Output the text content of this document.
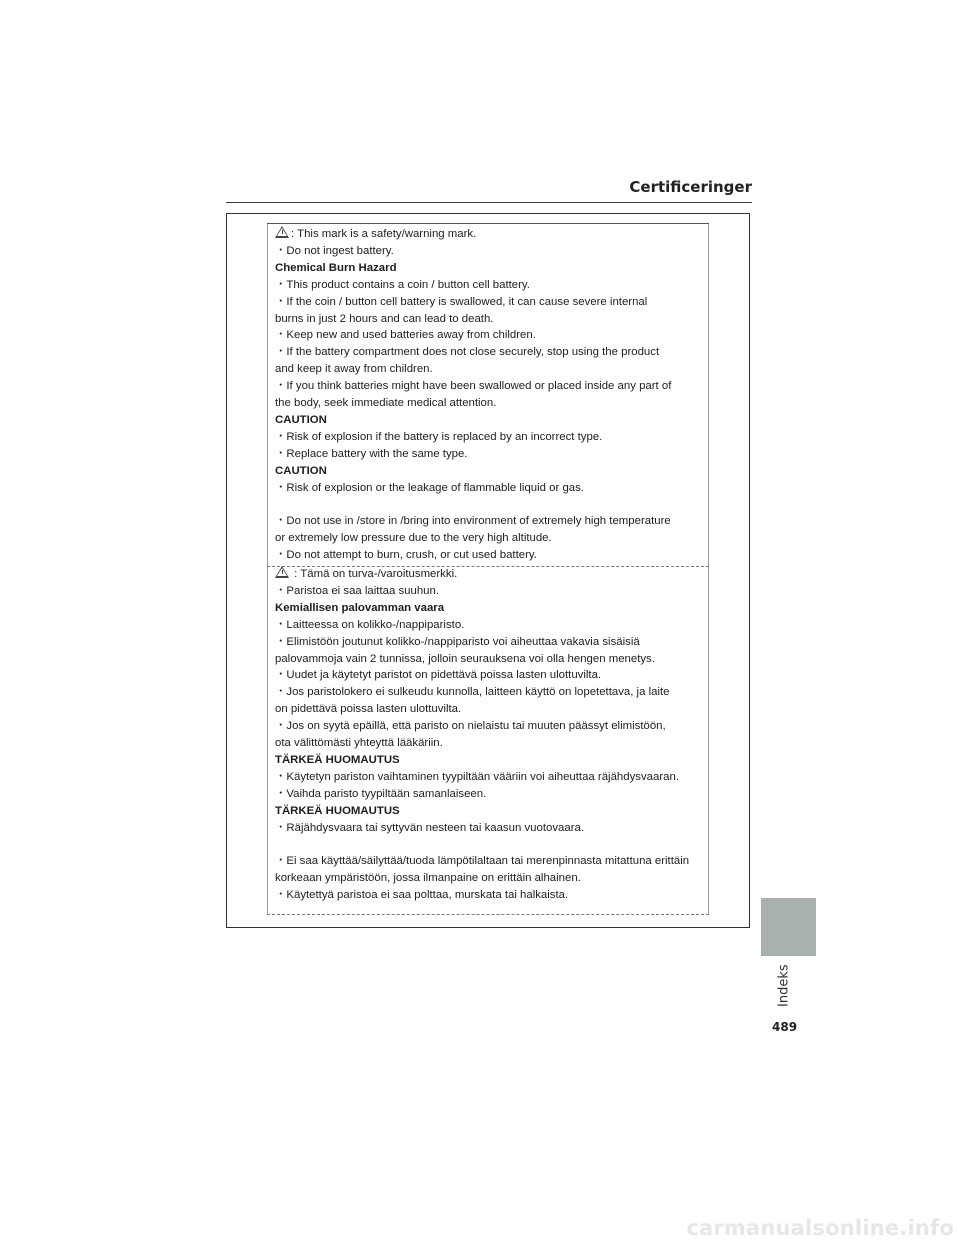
Certificeringer
: This mark is a safety/warning mark.
・Do not ingest battery.
Chemical Burn Hazard
・This product contains a coin / button cell battery.
・If the coin / button cell battery is swallowed, it can cause severe internal
burns in just 2 hours and can lead to death.
・Keep new and used batteries away from children.
・If the battery compartment does not close securely, stop using the product
and keep it away from children.
・If you think batteries might have been swallowed or placed inside any part of
the body, seek immediate medical attention.
CAUTION
・Risk of explosion if the battery is replaced by an incorrect type.
・Replace battery with the same type.
CAUTION
・Risk of explosion or the leakage of flammable liquid or gas.
・Do not use in /store in /bring into environment of extremely high temperature
or extremely low pressure due to the very high altitude.
・Do not attempt to burn, crush, or cut used battery.
: Tämä on turva-/varoitusmerkki.
・Paristoa ei saa laittaa suuhun.
Kemiallisen palovamman vaara
・Laitteessa on kolikko-/nappiparisto.
・Elimistöön joutunut kolikko-/nappiparisto voi aiheuttaa vakavia sisäisiä
palovammoja vain 2 tunnissa, jolloin seurauksena voi olla hengen menetys.
・Uudet ja käytetyt paristot on pidettävä poissa lasten ulottuvilta.
・Jos paristolokero ei sulkeudu kunnolla, laitteen käyttö on lopetettava, ja laite
on pidettävä poissa lasten ulottuvilta.
・Jos on syytä epäillä, että paristo on nielaistu tai muuten päässyt elimistöön,
ota välittömästi yhteyttä lääkäriin.
TÄRKEÄ HUOMAUTUS
・Käytetyn pariston vaihtaminen tyypiltään vääriin voi aiheuttaa räjähdysvaaran.
・Vaihda paristo tyypiltään samanlaiseen.
TÄRKEÄ HUOMAUTUS
・Räjähdysvaara tai syttyvän nesteen tai kaasun vuotovaara.
・Ei saa käyttää/säilyttää/tuoda lämpötilaltaan tai merenpinnasta mitattuna erittäin
korkeaan ympäristöön, jossa ilmanpaine on erittäin alhainen.
・Käytettyä paristoa ei saa polttaa, murskata tai halkaista.
Indeks
489
carmanualsonline.info
